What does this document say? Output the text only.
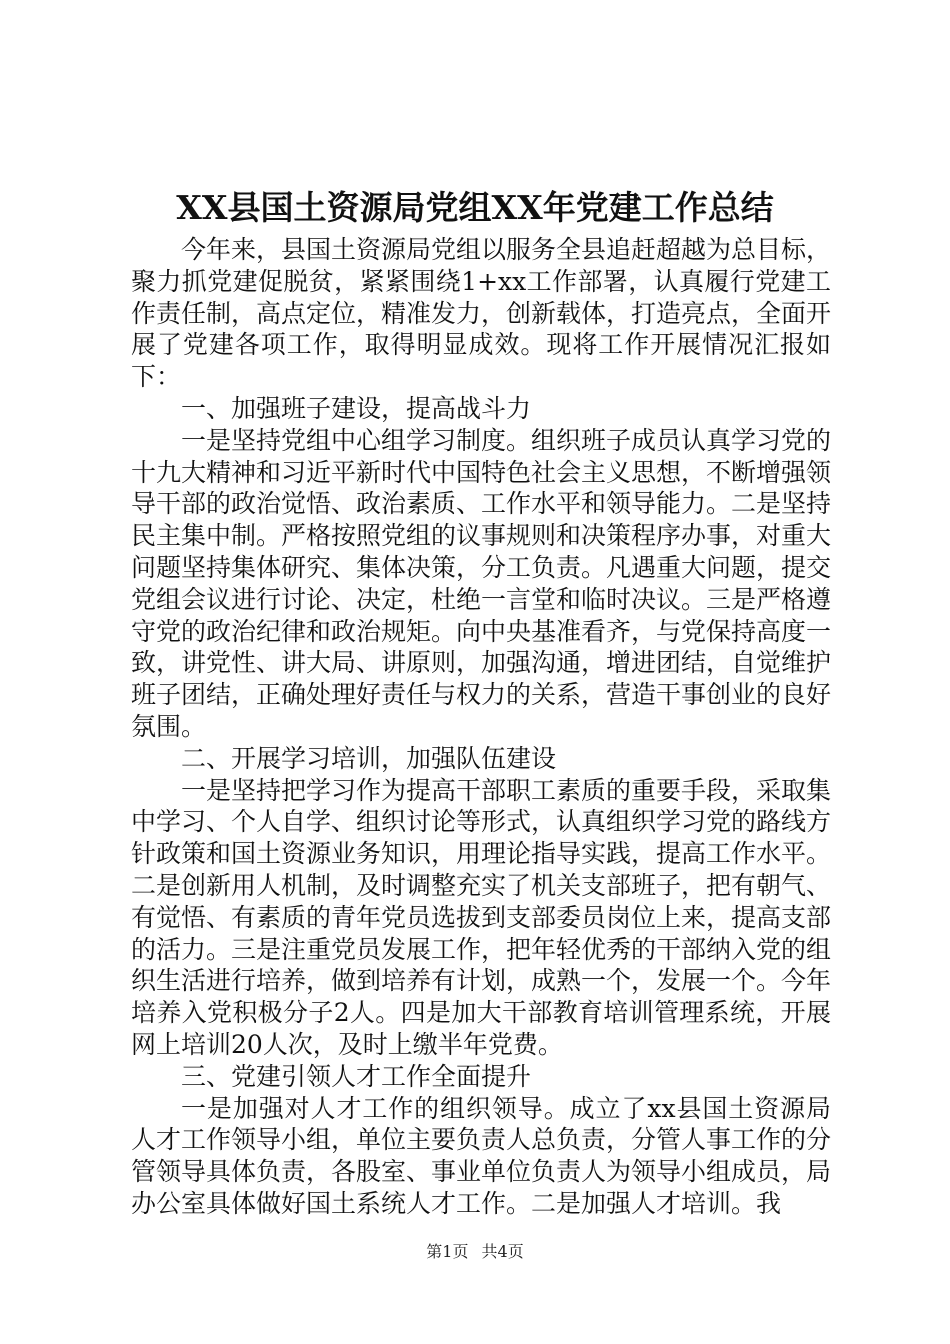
XX县国土资源局党组XX年党建工作总结

今年来，县国土资源局党组以服务全县追赶超越为总目标，聚力抓党建促脱贫，紧紧围绕1+xx工作部署，认真履行党建工作责任制，高点定位，精准发力，创新载体，打造亮点，全面开展了党建各项工作，取得明显成效。现将工作开展情况汇报如下：

一、加强班子建设，提高战斗力

一是坚持党组中心组学习制度。组织班子成员认真学习党的十九大精神和习近平新时代中国特色社会主义思想，不断增强领导干部的政治觉悟、政治素质、工作水平和领导能力。二是坚持民主集中制。严格按照党组的议事规则和决策程序办事，对重大问题坚持集体研究、集体决策，分工负责。凡遇重大问题，提交党组会议进行讨论、决定，杜绝一言堂和临时决议。三是严格遵守党的政治纪律和政治规矩。向中央基准看齐，与党保持高度一致，讲党性、讲大局、讲原则，加强沟通，增进团结，自觉维护班子团结，正确处理好责任与权力的关系，营造干事创业的良好氛围。

二、开展学习培训，加强队伍建设

一是坚持把学习作为提高干部职工素质的重要手段，采取集中学习、个人自学、组织讨论等形式，认真组织学习党的路线方针政策和国土资源业务知识，用理论指导实践，提高工作水平。二是创新用人机制，及时调整充实了机关支部班子，把有朝气、有觉悟、有素质的青年党员选拔到支部委员岗位上来，提高支部的活力。三是注重党员发展工作，把年轻优秀的干部纳入党的组织生活进行培养，做到培养有计划，成熟一个，发展一个。今年培养入党积极分子2人。四是加大干部教育培训管理系统，开展网上培训20人次，及时上缴半年党费。

三、党建引领人才工作全面提升

一是加强对人才工作的组织领导。成立了xx县国土资源局人才工作领导小组，单位主要负责人总负责，分管人事工作的分管领导具体负责，各股室、事业单位负责人为领导小组成员，局办公室具体做好国土系统人才工作。二是加强人才培训。我

第1页 共4页
